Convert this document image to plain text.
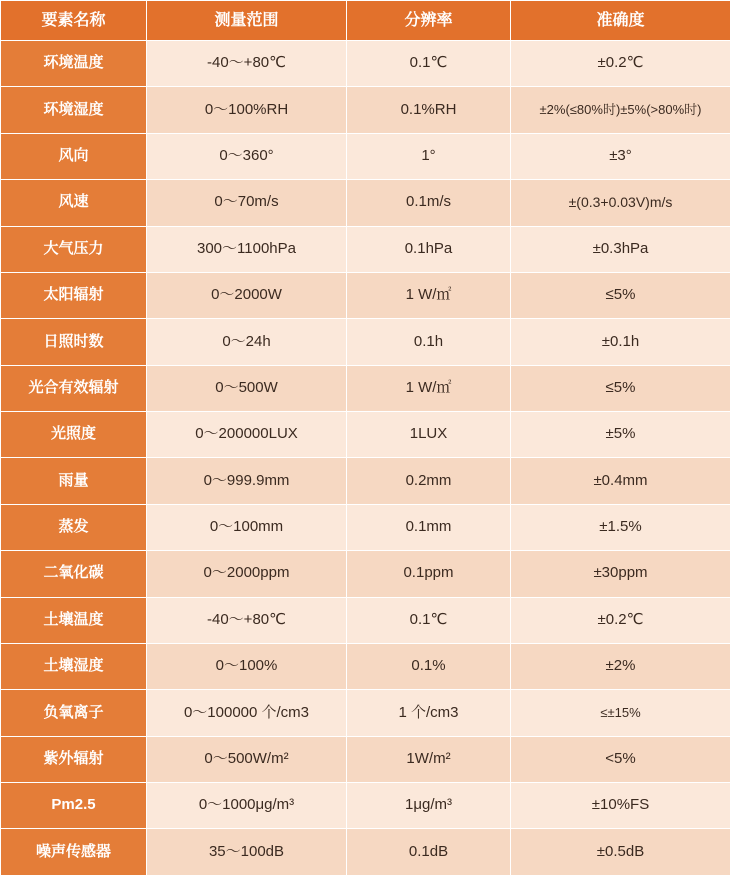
要素名称	测量范围	分辨率	准确度
环境温度	-40～+80℃	0.1℃	±0.2℃
环境湿度	0～100%RH	0.1%RH	±2%(≤80%时)±5%(>80%时)
风向	0～360°	1°	±3°
风速	0～70m/s	0.1m/s	±(0.3+0.03V)m/s
大气压力	300～1100hPa	0.1hPa	±0.3hPa
太阳辐射	0～2000W	1 W/㎡	≤5%
日照时数	0～24h	0.1h	±0.1h
光合有效辐射	0～500W	1 W/㎡	≤5%
光照度	0～200000LUX	1LUX	±5%
雨量	0～999.9mm	0.2mm	±0.4mm
蒸发	0～100mm	0.1mm	±1.5%
二氧化碳	0～2000ppm	0.1ppm	±30ppm
土壤温度	-40～+80℃	0.1℃	±0.2℃
土壤湿度	0～100%	0.1%	±2%
负氧离子	0～100000 个/cm3	1 个/cm3	≤±15%
紫外辐射	0～500W/m²	1W/m²	<5%
Pm2.5	0～1000μg/m³	1μg/m³	±10%FS
噪声传感器	35～100dB	0.1dB	±0.5dB
